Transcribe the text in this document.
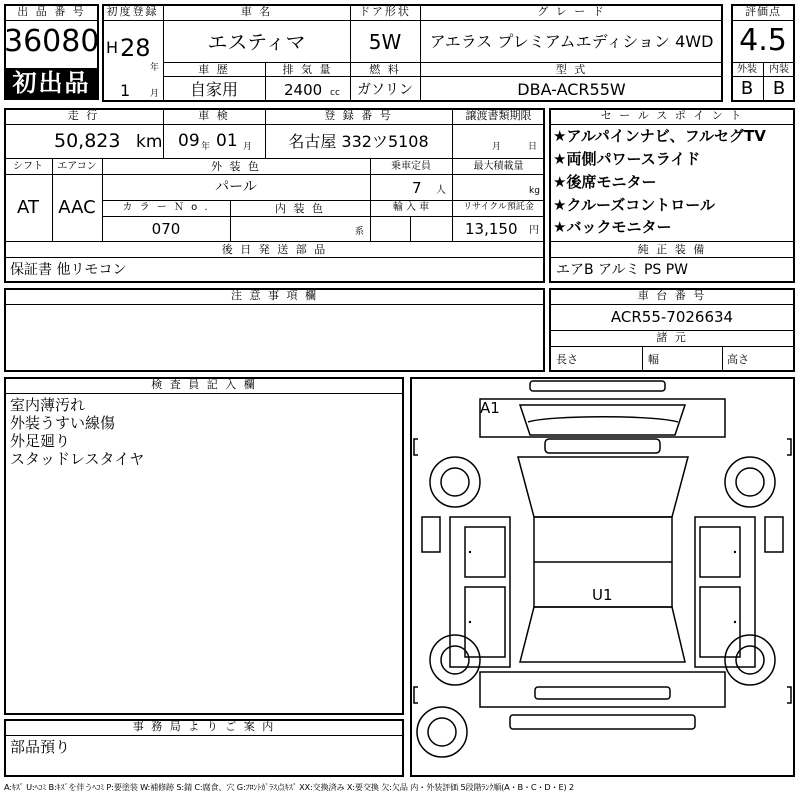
出 品 番 号
36080
初出品
初度登録
H 28
年
1 月
車 名
エスティマ
ドア形状
5W
グ レ ー ド
アエラス プレミアムエディション 4WD
車 歴
自家用
排 気 量
2400 cc
燃 料
ガソリン
型 式
DBA-ACR55W
評価点
4.5
外装	内装
B	B
走 行
50,823 km
車 検
09 年 01 月
登 録 番 号
名古屋 332ツ5108
譲渡書類期限
月	日
シフト
AT
エアコン
AAC
外 装 色
パール
乗車定員
7 人
最大積載量
kg
カ ラ ー Ｎ o .
070
内 装 色
系
輸 入 車	リサイクル預託金
13,150 円
後 日 発 送 部 品
保証書 他リモコン
セ ー ル ス ポ イ ン ト
★アルパインナビ、フルセグTV
★両側パワースライド
★後席モニター
★クルーズコントロール
★バックモニター
純 正 装 備
エアB アルミ PS PW
注 意 事 項 欄	車 台 番 号
ACR55-7026634
諸 元
長さ	幅	高さ
検 査 員 記 入 欄
室内薄汚れ
外装うすい線傷
外足廻り
スタッドレスタイヤ
事 務 局 よ り ご 案 内
部品預り
A1
U1
A:ｷｽﾞ U:ﾍｺﾐ B:ｷｽﾞを伴うﾍｺﾐ P:要塗装 W:補修跡 S:錆 C:腐食、穴 G:ﾌﾛﾝﾄｶﾞﾗｽ点ｷｽﾞ XX:交換済み X:要交換 欠:欠品 内・外装評価 5段階ﾗﾝｸ順(A・B・C・D・E) 2
